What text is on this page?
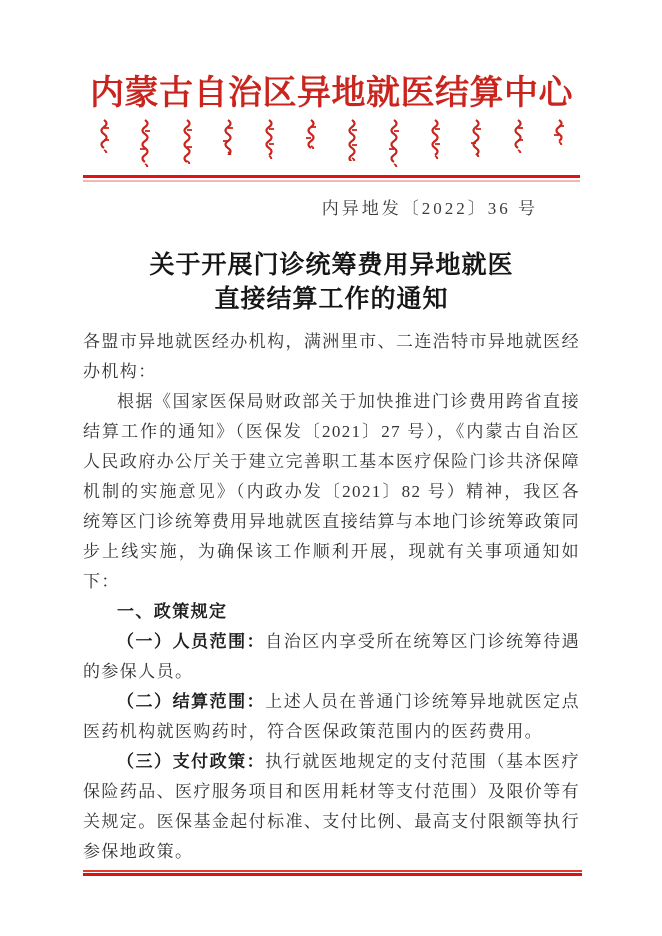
内蒙古自治区异地就医结算中心
内异地发〔2022〕36 号
关于开展门诊统筹费用异地就医
直接结算工作的通知

各盟市异地就医经办机构，满洲里市、二连浩特市异地就医经办机构：

根据《国家医保局财政部关于加快推进门诊费用跨省直接结算工作的通知》（医保发〔2021〕27 号），《内蒙古自治区人民政府办公厅关于建立完善职工基本医疗保险门诊共济保障机制的实施意见》（内政办发〔2021〕82 号）精神，我区各统筹区门诊统筹费用异地就医直接结算与本地门诊统筹政策同步上线实施，为确保该工作顺利开展，现就有关事项通知如下：

一、政策规定

（一）人员范围：自治区内享受所在统筹区门诊统筹待遇的参保人员。

（二）结算范围：上述人员在普通门诊统筹异地就医定点医药机构就医购药时，符合医保政策范围内的医药费用。

（三）支付政策：执行就医地规定的支付范围（基本医疗保险药品、医疗服务项目和医用耗材等支付范围）及限价等有关规定。医保基金起付标准、支付比例、最高支付限额等执行参保地政策。
